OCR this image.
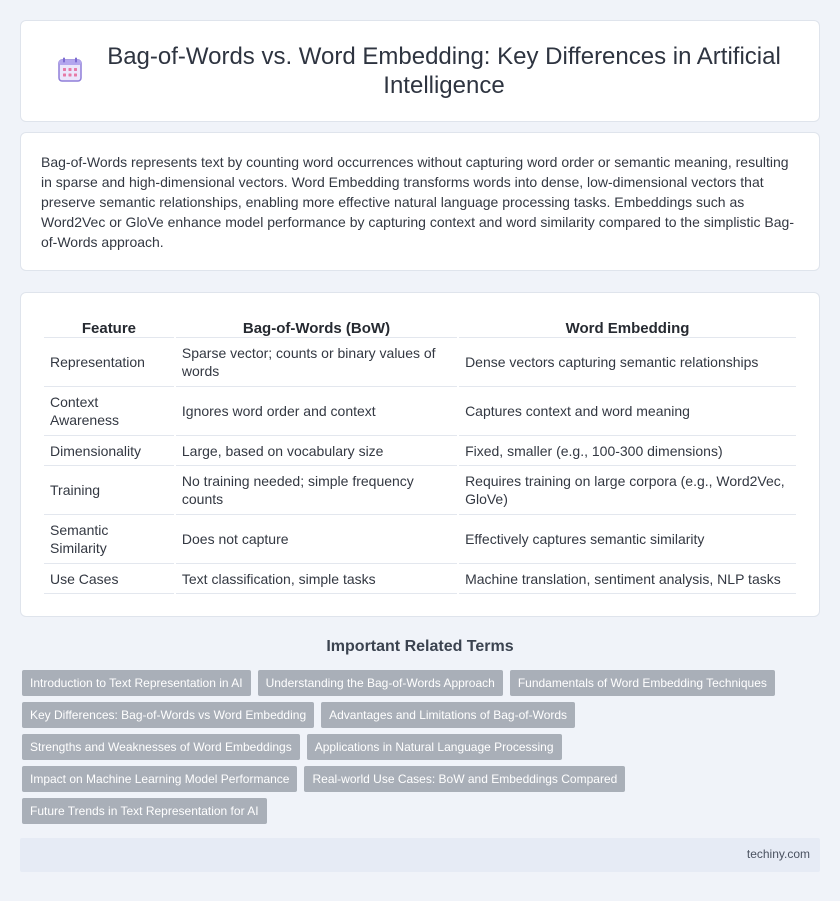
Bag-of-Words vs. Word Embedding: Key Differences in Artificial Intelligence

Bag-of-Words represents text by counting word occurrences without capturing word order or semantic meaning, resulting in sparse and high-dimensional vectors. Word Embedding transforms words into dense, low-dimensional vectors that preserve semantic relationships, enabling more effective natural language processing tasks. Embeddings such as Word2Vec or GloVe enhance model performance by capturing context and word similarity compared to the simplistic Bag-of-Words approach.

Feature	Bag-of-Words (BoW)	Word Embedding
Representation	Sparse vector; counts or binary values of words	Dense vectors capturing semantic relationships
Context Awareness	Ignores word order and context	Captures context and word meaning
Dimensionality	Large, based on vocabulary size	Fixed, smaller (e.g., 100-300 dimensions)
Training	No training needed; simple frequency counts	Requires training on large corpora (e.g., Word2Vec, GloVe)
Semantic Similarity	Does not capture	Effectively captures semantic similarity
Use Cases	Text classification, simple tasks	Machine translation, sentiment analysis, NLP tasks
Important Related Terms
Introduction to Text Representation in AI	Understanding the Bag-of-Words Approach	Fundamentals of Word Embedding Techniques
Key Differences: Bag-of-Words vs Word Embedding	Advantages and Limitations of Bag-of-Words
Strengths and Weaknesses of Word Embeddings	Applications in Natural Language Processing
Impact on Machine Learning Model Performance	Real-world Use Cases: BoW and Embeddings Compared
Future Trends in Text Representation for AI
techiny.com
